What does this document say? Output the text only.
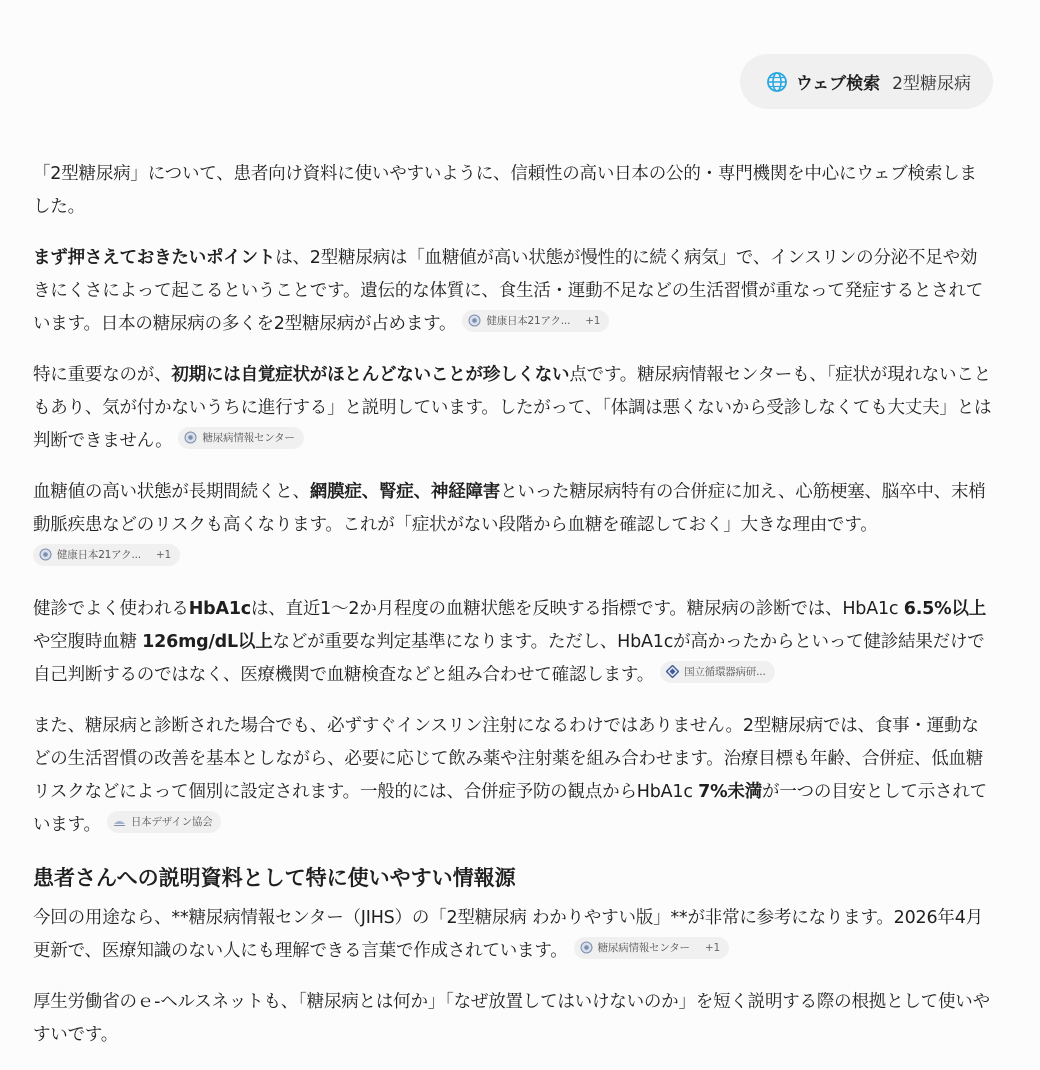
ウェブ検索 2型糖尿病

「2型糖尿病」について、患者向け資料に使いやすいように、信頼性の高い日本の公的・専門機関を中心にウェブ検索しました。

まず押さえておきたいポイントは、2型糖尿病は「血糖値が高い状態が慢性的に続く病気」で、インスリンの分泌不足や効きにくさによって起こるということです。遺伝的な体質に、食生活・運動不足などの生活習慣が重なって発症するとされています。日本の糖尿病の多くを2型糖尿病が占めます。	健康日本21アク... +1

特に重要なのが、初期には自覚症状がほとんどないことが珍しくない点です。糖尿病情報センターも、「症状が現れないこともあり、気が付かないうちに進行する」と説明しています。したがって、「体調は悪くないから受診しなくても大丈夫」とは判断できません。	糖尿病情報センター

血糖値の高い状態が長期間続くと、網膜症、腎症、神経障害といった糖尿病特有の合併症に加え、心筋梗塞、脳卒中、末梢動脈疾患などのリスクも高くなります。これが「症状がない段階から血糖を確認しておく」大きな理由です。

健康日本21アク... +1

健診でよく使われるHbA1cは、直近1〜2か月程度の血糖状態を反映する指標です。糖尿病の診断では、HbA1c 6.5%以上や空腹時血糖 126mg/dL以上などが重要な判定基準になります。ただし、HbA1cが高かったからといって健診結果だけで自己判断するのではなく、医療機関で血糖検査などと組み合わせて確認します。	国立循環器病研...

また、糖尿病と診断された場合でも、必ずすぐインスリン注射になるわけではありません。2型糖尿病では、食事・運動などの生活習慣の改善を基本としながら、必要に応じて飲み薬や注射薬を組み合わせます。治療目標も年齢、合併症、低血糖リスクなどによって個別に設定されます。一般的には、合併症予防の観点からHbA1c 7%未満が一つの目安として示されています。	日本デザイン協会

患者さんへの説明資料として特に使いやすい情報源

今回の用途なら、**糖尿病情報センター（JIHS）の「2型糖尿病 わかりやすい版」**が非常に参考になります。2026年4月更新で、医療知識のない人にも理解できる言葉で作成されています。	糖尿病情報センター +1

厚生労働省のｅ-ヘルスネットも、「糖尿病とは何か」「なぜ放置してはいけないのか」を短く説明する際の根拠として使いやすいです。
